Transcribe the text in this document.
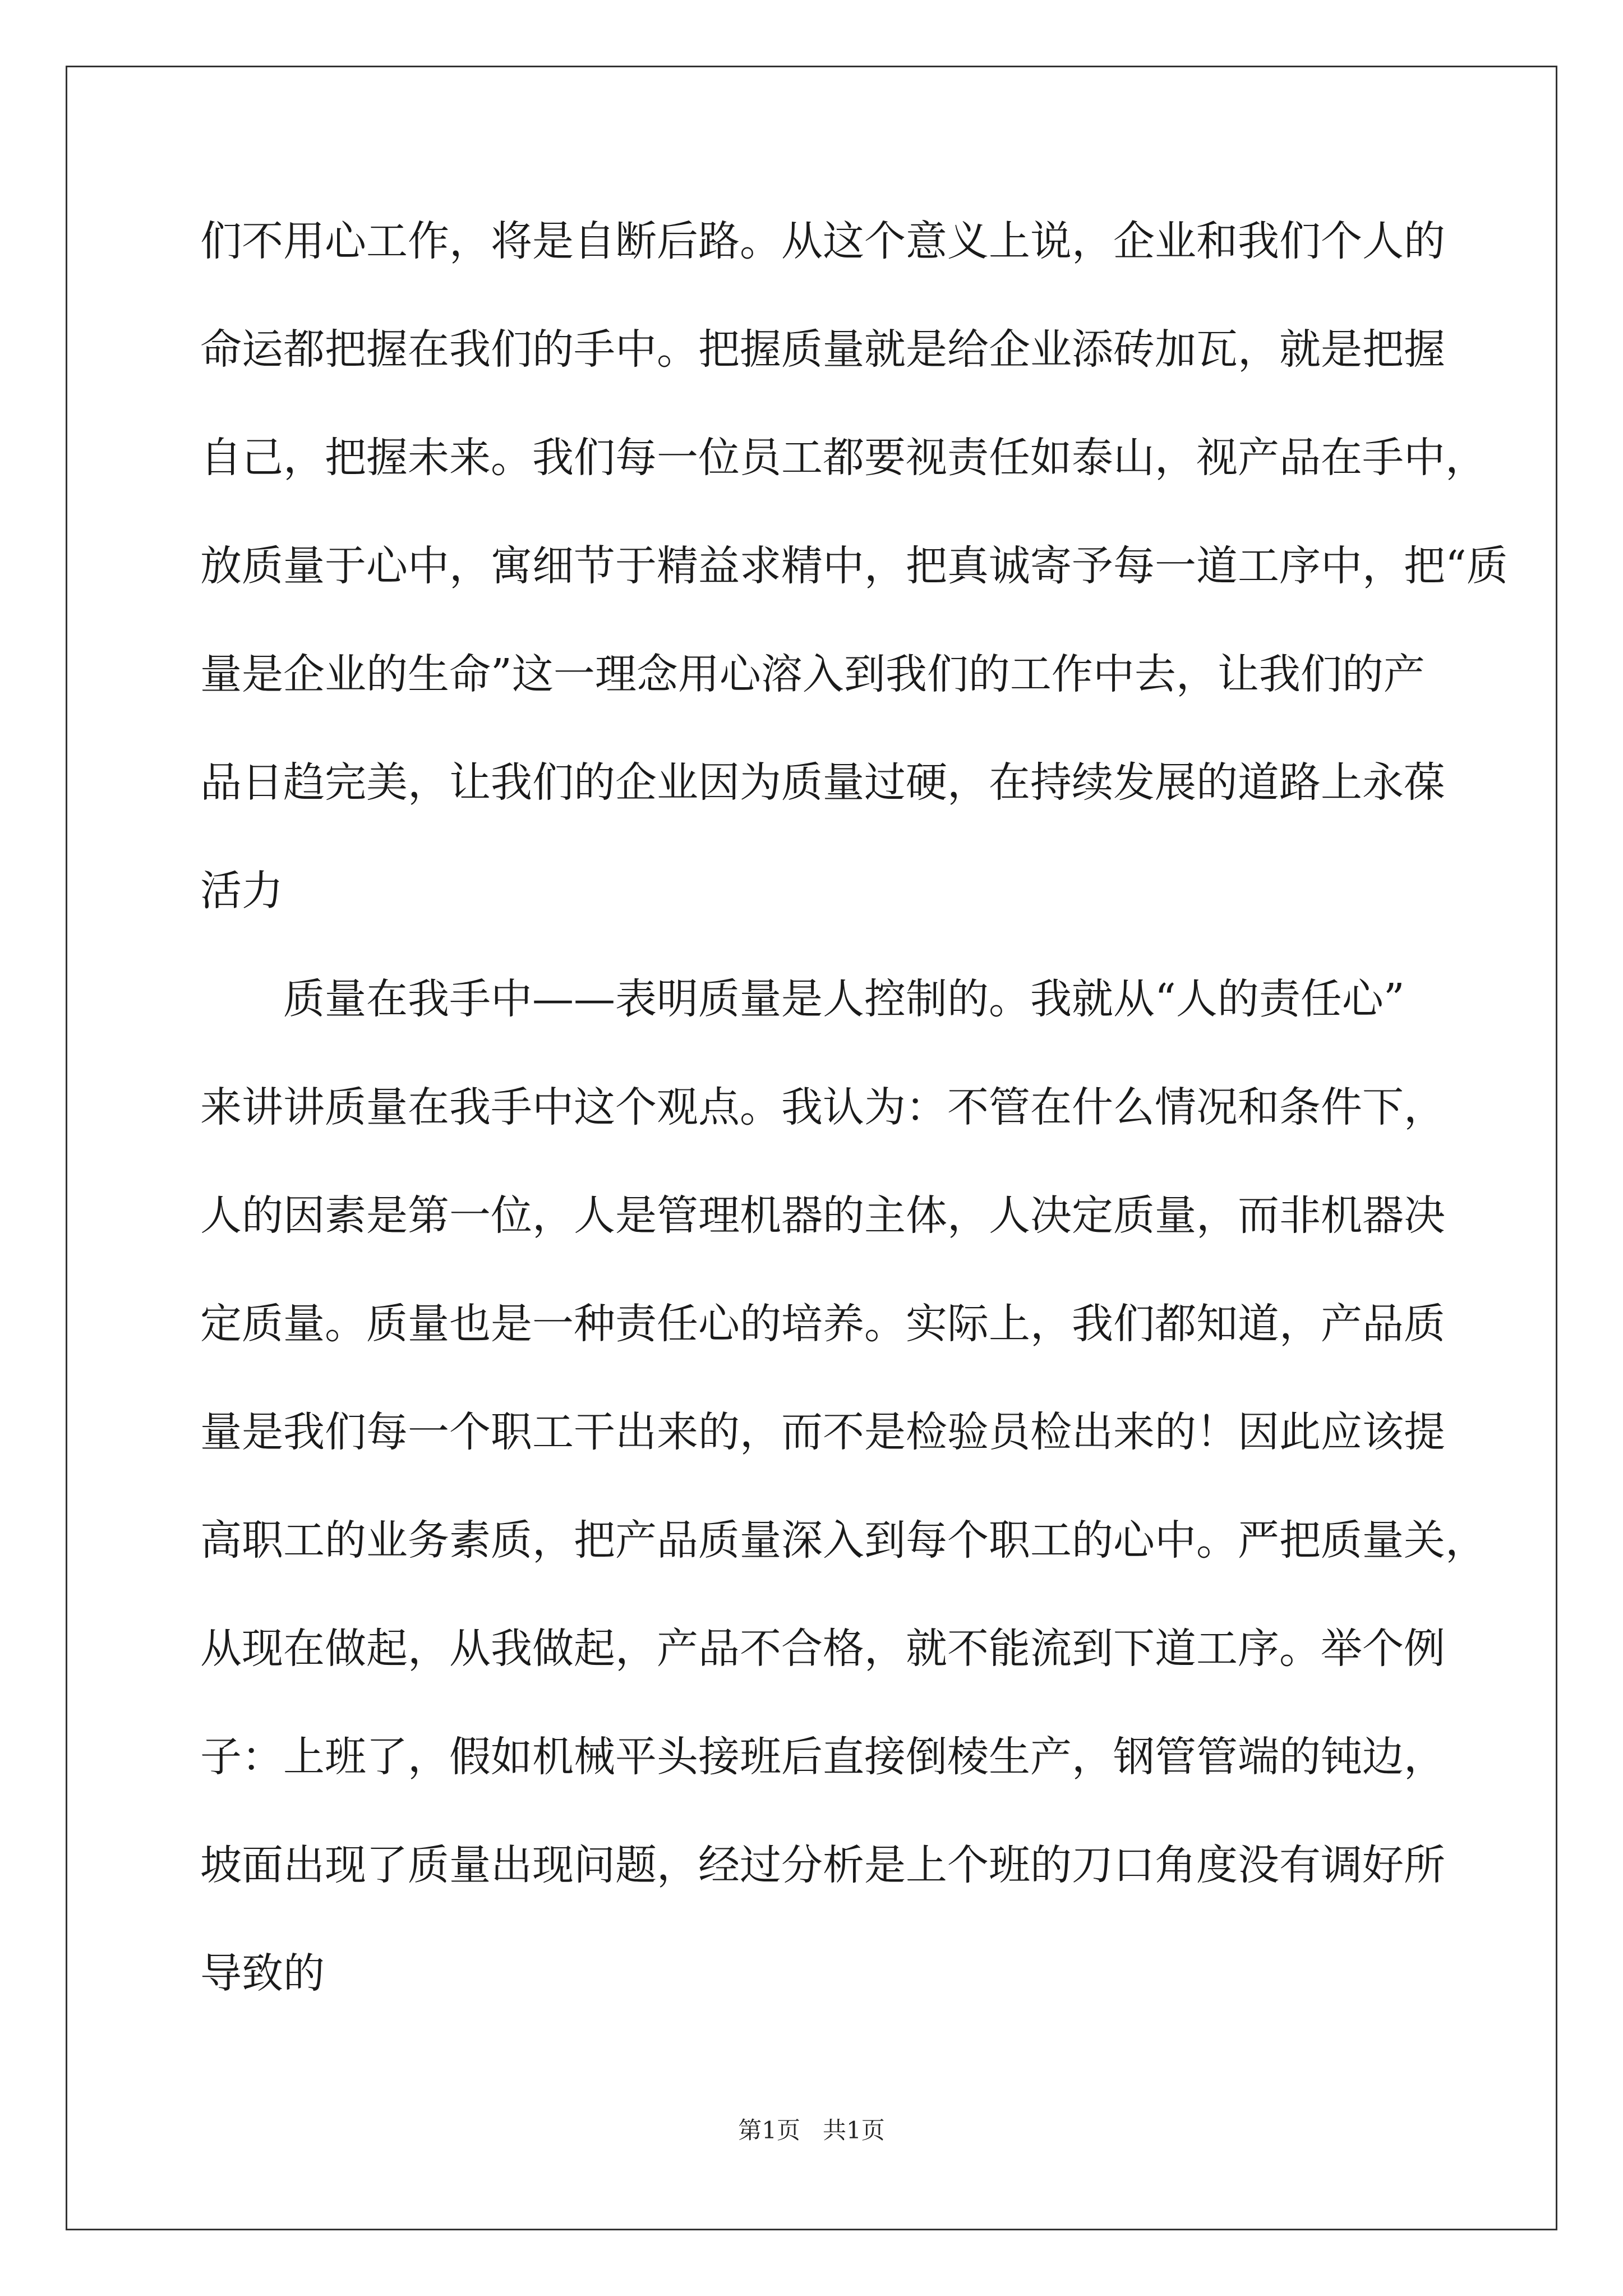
们不用心工作，将是自断后路。从这个意义上说，企业和我们个人的
命运都把握在我们的手中。把握质量就是给企业添砖加瓦，就是把握
自己，把握未来。我们每一位员工都要视责任如泰山，视产品在手中，
放质量于心中，寓细节于精益求精中，把真诚寄予每一道工序中，把“质
量是企业的生命”这一理念用心溶入到我们的工作中去，让我们的产
品日趋完美，让我们的企业因为质量过硬，在持续发展的道路上永葆
活力
质量在我手中——表明质量是人控制的。我就从“人的责任心”
来讲讲质量在我手中这个观点。我认为：不管在什么情况和条件下，
人的因素是第一位，人是管理机器的主体，人决定质量，而非机器决
定质量。质量也是一种责任心的培养。实际上，我们都知道，产品质
量是我们每一个职工干出来的，而不是检验员检出来的！因此应该提
高职工的业务素质，把产品质量深入到每个职工的心中。严把质量关，
从现在做起，从我做起，产品不合格，就不能流到下道工序。举个例
子：上班了，假如机械平头接班后直接倒棱生产，钢管管端的钝边，
坡面出现了质量出现问题，经过分析是上个班的刀口角度没有调好所
导致的
第1页 共1页
